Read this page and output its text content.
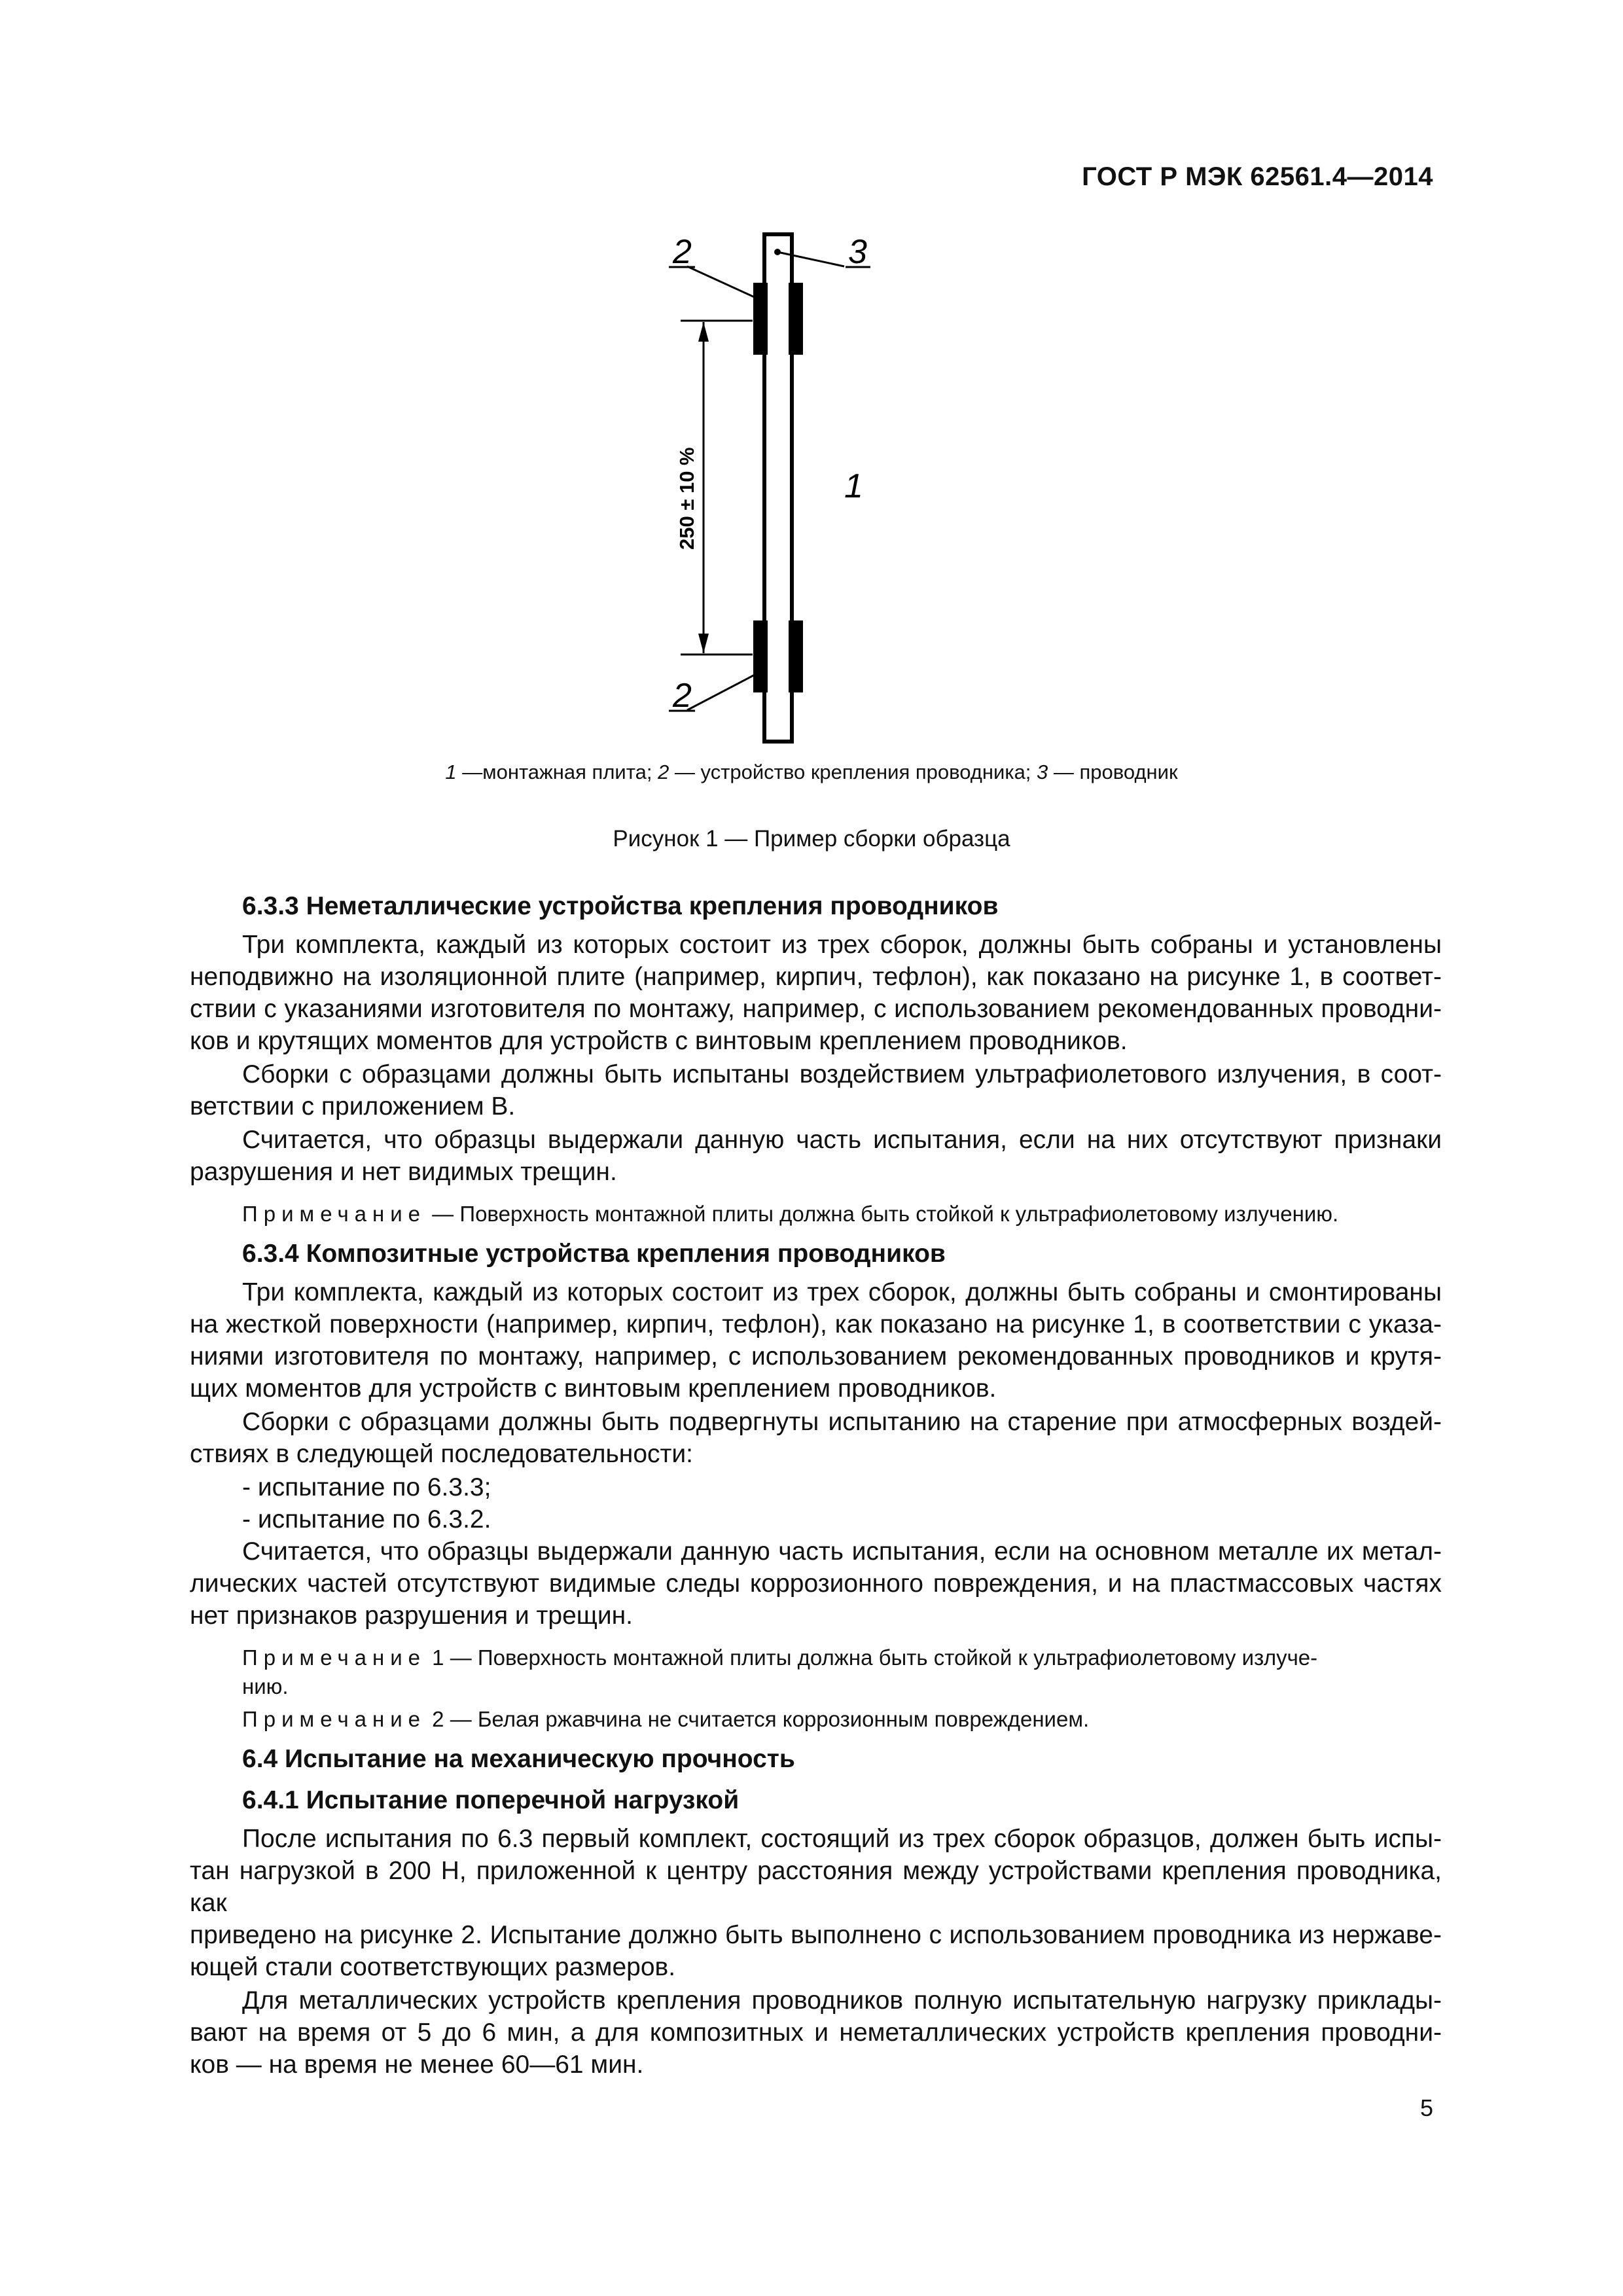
ГОСТ Р МЭК 62561.4—2014
2	3
1
2
250 ± 10 %
1 —монтажная плита; 2 — устройство крепления проводника; 3 — проводник
Рисунок 1 — Пример сборки образца
6.3.3 Неметаллические устройства крепления проводников
Три комплекта, каждый из которых состоит из трех сборок, должны быть собраны и установлены
неподвижно на изоляционной плите (например, кирпич, тефлон), как показано на рисунке 1, в соответ-
ствии с указаниями изготовителя по монтажу, например, с использованием рекомендованных проводни-
ков и крутящих моментов для устройств с винтовым креплением проводников.
Сборки с образцами должны быть испытаны воздействием ультрафиолетового излучения, в соот-
ветствии с приложением В.
Считается, что образцы выдержали данную часть испытания, если на них отсутствуют признаки
разрушения и нет видимых трещин.
Примечание — Поверхность монтажной плиты должна быть стойкой к ультрафиолетовому излучению.
6.3.4 Композитные устройства крепления проводников
Три комплекта, каждый из которых состоит из трех сборок, должны быть собраны и смонтированы
на жесткой поверхности (например, кирпич, тефлон), как показано на рисунке 1, в соответствии с указа-
ниями изготовителя по монтажу, например, с использованием рекомендованных проводников и крутя-
щих моментов для устройств с винтовым креплением проводников.
Сборки с образцами должны быть подвергнуты испытанию на старение при атмосферных воздей-
ствиях в следующей последовательности:
- испытание по 6.3.3;
- испытание по 6.3.2.
Считается, что образцы выдержали данную часть испытания, если на основном металле их метал-
лических частей отсутствуют видимые следы коррозионного повреждения, и на пластмассовых частях
нет признаков разрушения и трещин.
Примечание 1 — Поверхность монтажной плиты должна быть стойкой к ультрафиолетовому излуче-
нию.
Примечание 2 — Белая ржавчина не считается коррозионным повреждением.
6.4 Испытание на механическую прочность
6.4.1 Испытание поперечной нагрузкой
После испытания по 6.3 первый комплект, состоящий из трех сборок образцов, должен быть испы-
тан нагрузкой в 200 Н, приложенной к центру расстояния между устройствами крепления проводника, как
приведено на рисунке 2. Испытание должно быть выполнено с использованием проводника из нержаве-
ющей стали соответствующих размеров.
Для металлических устройств крепления проводников полную испытательную нагрузку приклады-
вают на время от 5 до 6 мин, а для композитных и неметаллических устройств крепления проводни-
ков — на время не менее 60—61 мин.
5
